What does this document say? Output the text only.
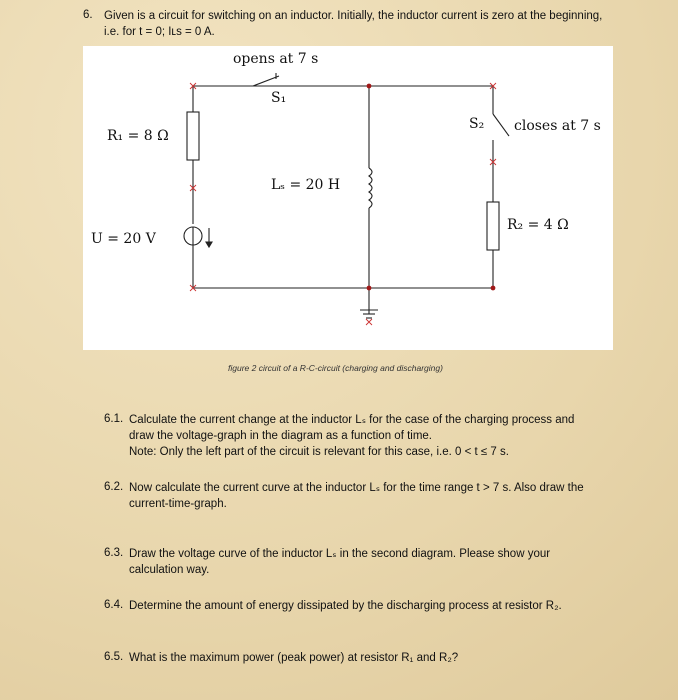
6. Given is a circuit for switching on an inductor. Initially, the inductor current is zero at the beginning,
i.e. for t = 0; Iʟs = 0 A.
opens at 7 s
S₁
S₂ closes at 7 s
R₁ = 8 Ω
Lₛ = 20 H
R₂ = 4 Ω
U = 20 V
figure 2 circuit of a R-C-circuit (charging and discharging)
6.1. Calculate the current change at the inductor Lₛ for the case of the charging process and
draw the voltage-graph in the diagram as a function of time.
Note: Only the left part of the circuit is relevant for this case, i.e. 0 < t ≤ 7 s.
6.2. Now calculate the current curve at the inductor Lₛ for the time range t > 7 s. Also draw the
current-time-graph.
6.3. Draw the voltage curve of the inductor Lₛ in the second diagram. Please show your
calculation way.
6.4. Determine the amount of energy dissipated by the discharging process at resistor R₂.
6.5. What is the maximum power (peak power) at resistor R₁ and R₂?
